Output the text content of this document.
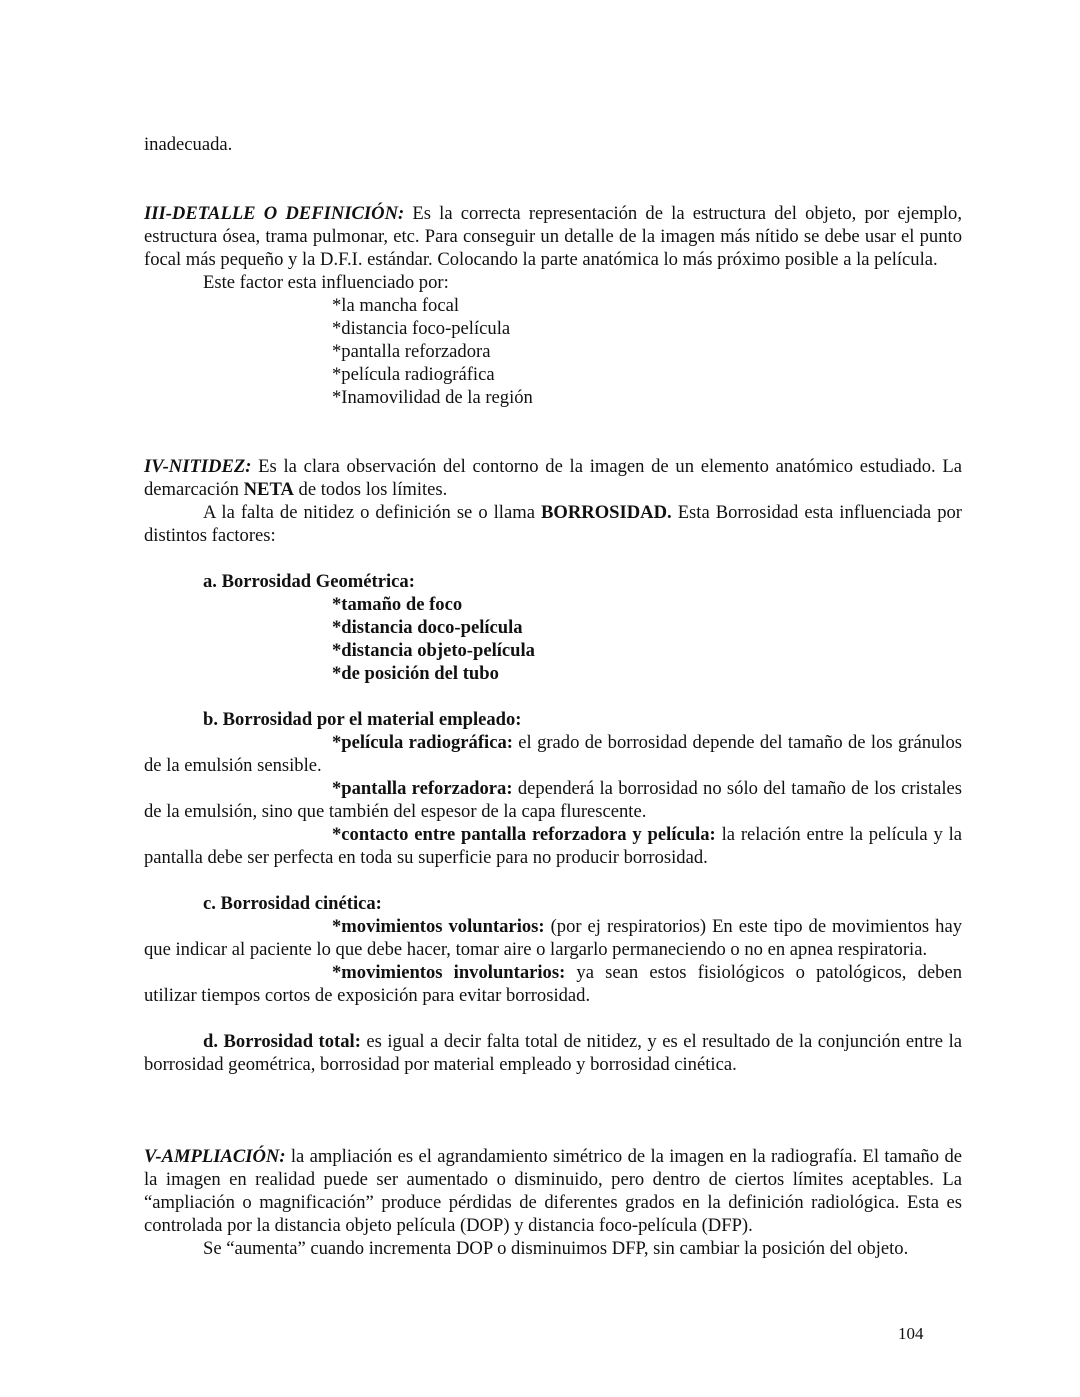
inadecuada.

III-DETALLE O DEFINICIÓN: Es la correcta representación de la estructura del objeto, por ejemplo, estructura ósea, trama pulmonar, etc. Para conseguir un detalle de la imagen más nítido se debe usar el punto focal más pequeño y la D.F.I. estándar. Colocando la parte anatómica lo más próximo posible a la película.

Este factor esta influenciado por:

*la mancha focal

*distancia foco-película

*pantalla reforzadora

*película radiográfica

*Inamovilidad de la región

IV-NITIDEZ: Es la clara observación del contorno de la imagen de un elemento anatómico estudiado. La demarcación NETA de todos los límites.

A la falta de nitidez o definición se o llama BORROSIDAD. Esta Borrosidad esta influenciada por distintos factores:

a. Borrosidad Geométrica:

*tamaño de foco

*distancia doco-película

*distancia objeto-película

*de posición del tubo

b. Borrosidad por el material empleado:

*película radiográfica: el grado de borrosidad depende del tamaño de los gránulos de la emulsión sensible.

*pantalla reforzadora: dependerá la borrosidad no sólo del tamaño de los cristales de la emulsión, sino que también del espesor de la capa flurescente.

*contacto entre pantalla reforzadora y película: la relación entre la película y la pantalla debe ser perfecta en toda su superficie para no producir borrosidad.

c. Borrosidad cinética:

*movimientos voluntarios: (por ej respiratorios) En este tipo de movimientos hay que indicar al paciente lo que debe hacer, tomar aire o largarlo permaneciendo o no en apnea respiratoria.

*movimientos involuntarios: ya sean estos fisiológicos o patológicos, deben utilizar tiempos cortos de exposición para evitar borrosidad.

d. Borrosidad total: es igual a decir falta total de nitidez, y es el resultado de la conjunción entre la borrosidad geométrica, borrosidad por material empleado y borrosidad cinética.

V-AMPLIACIÓN: la ampliación es el agrandamiento simétrico de la imagen en la radiografía. El tamaño de la imagen en realidad puede ser aumentado o disminuido, pero dentro de ciertos límites aceptables. La “ampliación o magnificación” produce pérdidas de diferentes grados en la definición radiológica. Esta es controlada por la distancia objeto película (DOP) y distancia foco-película (DFP).

Se “aumenta” cuando incrementa DOP o disminuimos DFP, sin cambiar la posición del objeto.

104
